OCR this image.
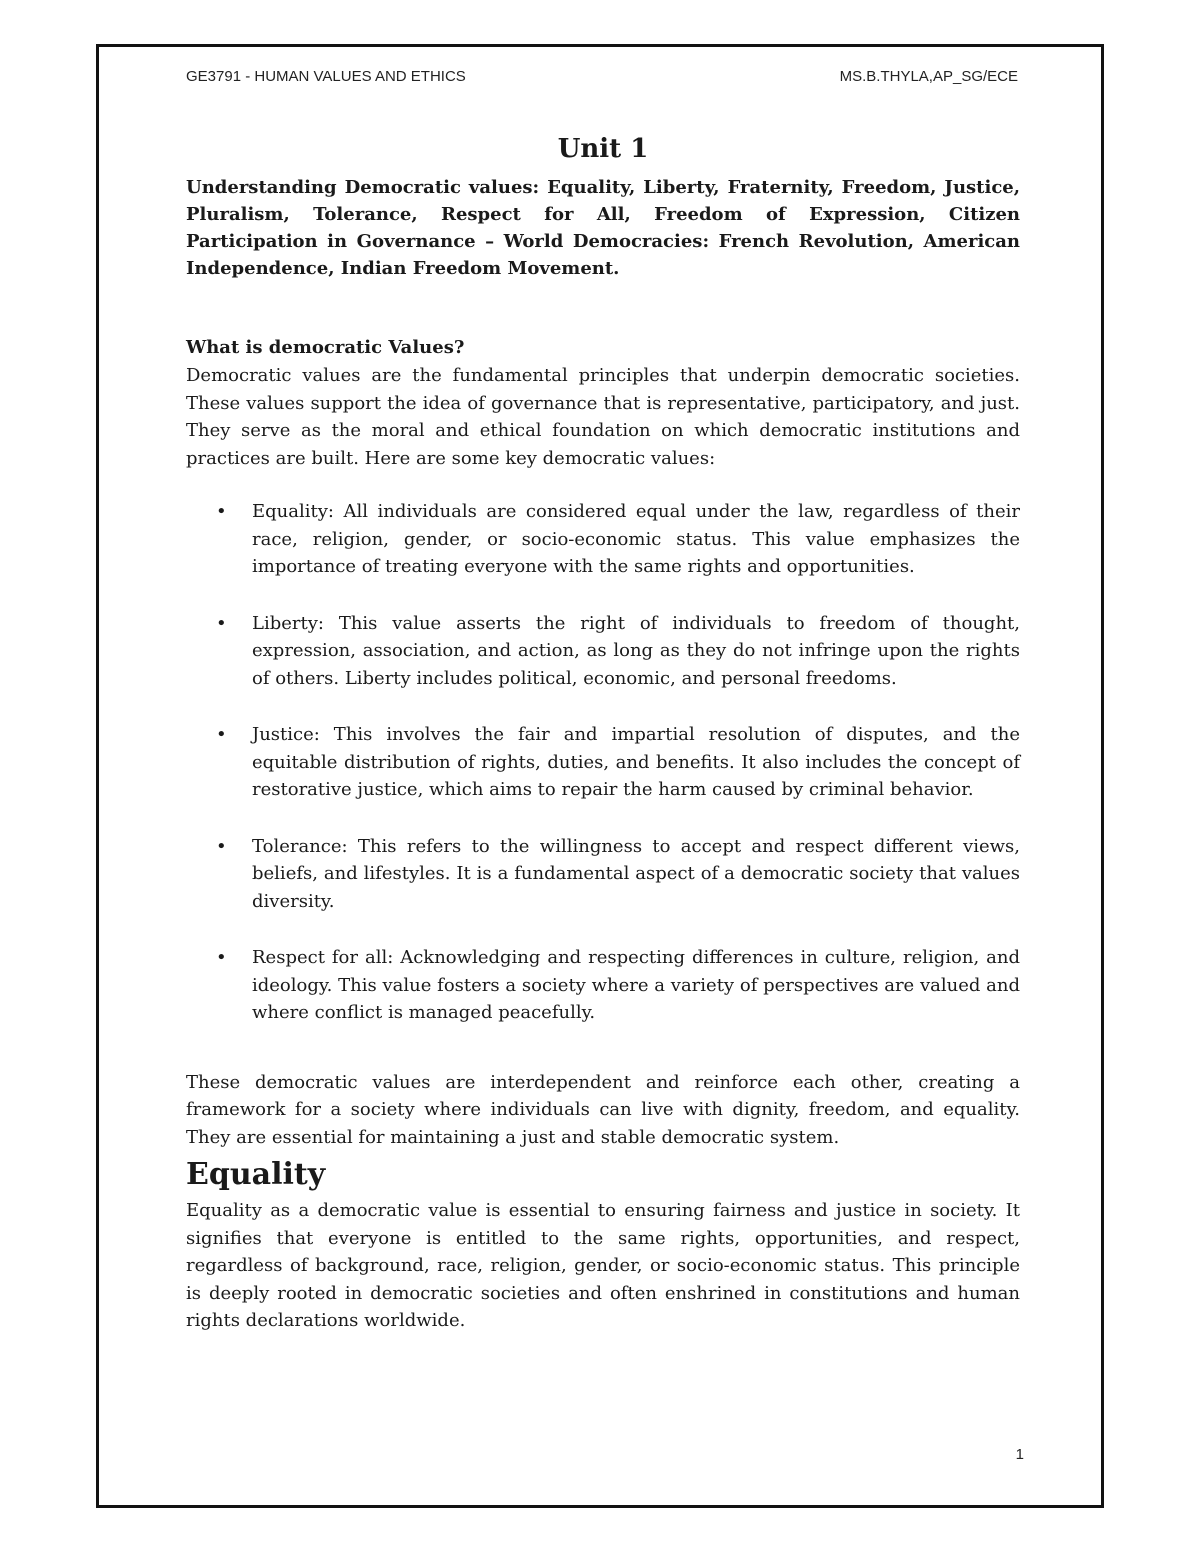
GE3791 - HUMAN VALUES AND ETHICS	MS.B.THYLA,AP_SG/ECE
Unit 1

Understanding Democratic values: Equality, Liberty, Fraternity, Freedom, Justice, Pluralism, Tolerance, Respect for All, Freedom of Expression, Citizen Participation in Governance – World Democracies: French Revolution, American Independence, Indian Freedom Movement.

What is democratic Values?

Democratic values are the fundamental principles that underpin democratic societies. These values support the idea of governance that is representative, participatory, and just. They serve as the moral and ethical foundation on which democratic institutions and practices are built. Here are some key democratic values:

• Equality: All individuals are considered equal under the law, regardless of their race, religion, gender, or socio-economic status. This value emphasizes the importance of treating everyone with the same rights and opportunities.
• Liberty: This value asserts the right of individuals to freedom of thought, expression, association, and action, as long as they do not infringe upon the rights of others. Liberty includes political, economic, and personal freedoms.
• Justice: This involves the fair and impartial resolution of disputes, and the equitable distribution of rights, duties, and benefits. It also includes the concept of restorative justice, which aims to repair the harm caused by criminal behavior.
• Tolerance: This refers to the willingness to accept and respect different views, beliefs, and lifestyles. It is a fundamental aspect of a democratic society that values diversity.
• Respect for all: Acknowledging and respecting differences in culture, religion, and ideology. This value fosters a society where a variety of perspectives are valued and where conflict is managed peacefully.

These democratic values are interdependent and reinforce each other, creating a framework for a society where individuals can live with dignity, freedom, and equality. They are essential for maintaining a just and stable democratic system.

Equality

Equality as a democratic value is essential to ensuring fairness and justice in society. It signifies that everyone is entitled to the same rights, opportunities, and respect, regardless of background, race, religion, gender, or socio-economic status. This principle is deeply rooted in democratic societies and often enshrined in constitutions and human rights declarations worldwide.

1
